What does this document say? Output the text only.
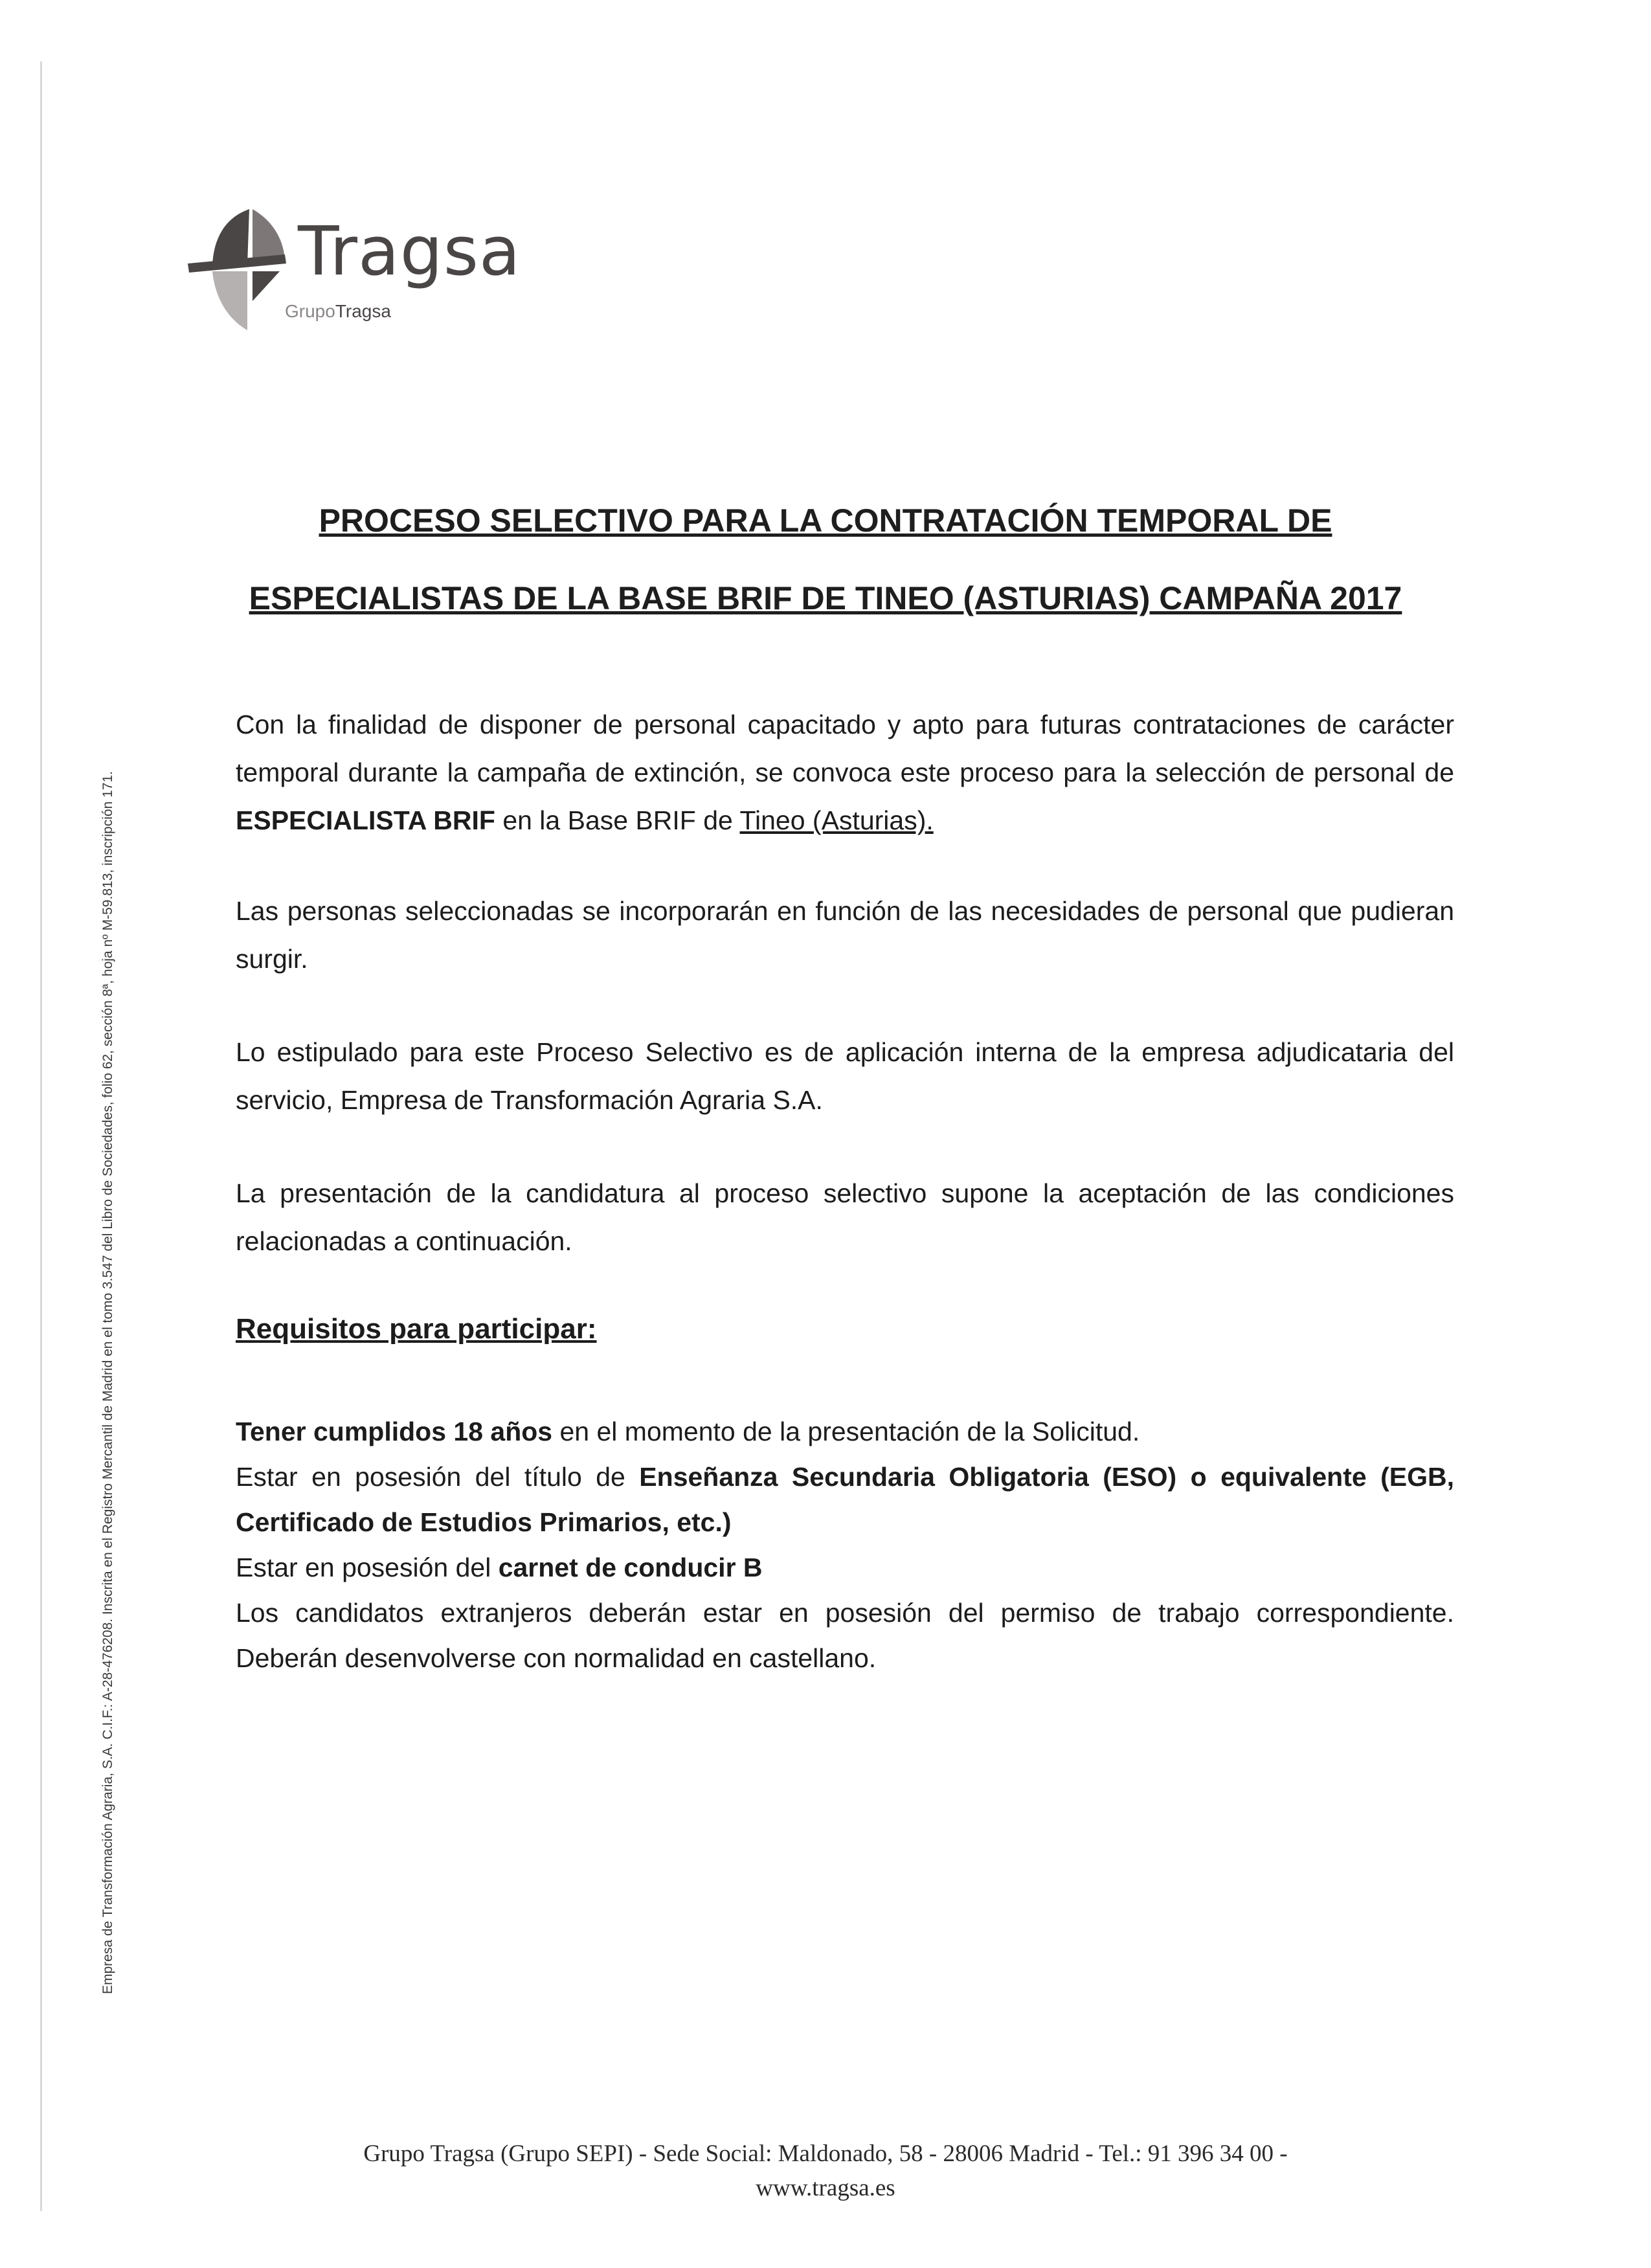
Tragsa
GrupoTragsa
Empresa de Transformación Agraria, S.A. C.I.F.: A-28-476208. Inscrita en el Registro Mercantil de Madrid en el tomo 3.547 del Libro de Sociedades, folio 62, sección 8ª, hoja nº M-59.813, inscripción 171.
PROCESO SELECTIVO PARA LA CONTRATACIÓN TEMPORAL DE
ESPECIALISTAS DE LA BASE BRIF DE TINEO (ASTURIAS) CAMPAÑA 2017
Con la finalidad de disponer de personal capacitado y apto para futuras contrataciones de carácter temporal durante la campaña de extinción, se convoca este proceso para la selección de personal de ESPECIALISTA BRIF en la Base BRIF de Tineo (Asturias).
Las personas seleccionadas se incorporarán en función de las necesidades de personal que pudieran surgir.
Lo estipulado para este Proceso Selectivo es de aplicación interna de la empresa adjudicataria del servicio, Empresa de Transformación Agraria S.A.
La presentación de la candidatura al proceso selectivo supone la aceptación de las condiciones relacionadas a continuación.
Requisitos para participar:
Tener cumplidos 18 años en el momento de la presentación de la Solicitud.
Estar en posesión del título de Enseñanza Secundaria Obligatoria (ESO) o equivalente (EGB, Certificado de Estudios Primarios, etc.)
Estar en posesión del carnet de conducir B
Los candidatos extranjeros deberán estar en posesión del permiso de trabajo correspondiente. Deberán desenvolverse con normalidad en castellano.
Grupo Tragsa (Grupo SEPI) - Sede Social: Maldonado, 58 - 28006 Madrid - Tel.: 91 396 34 00 -
www.tragsa.es
